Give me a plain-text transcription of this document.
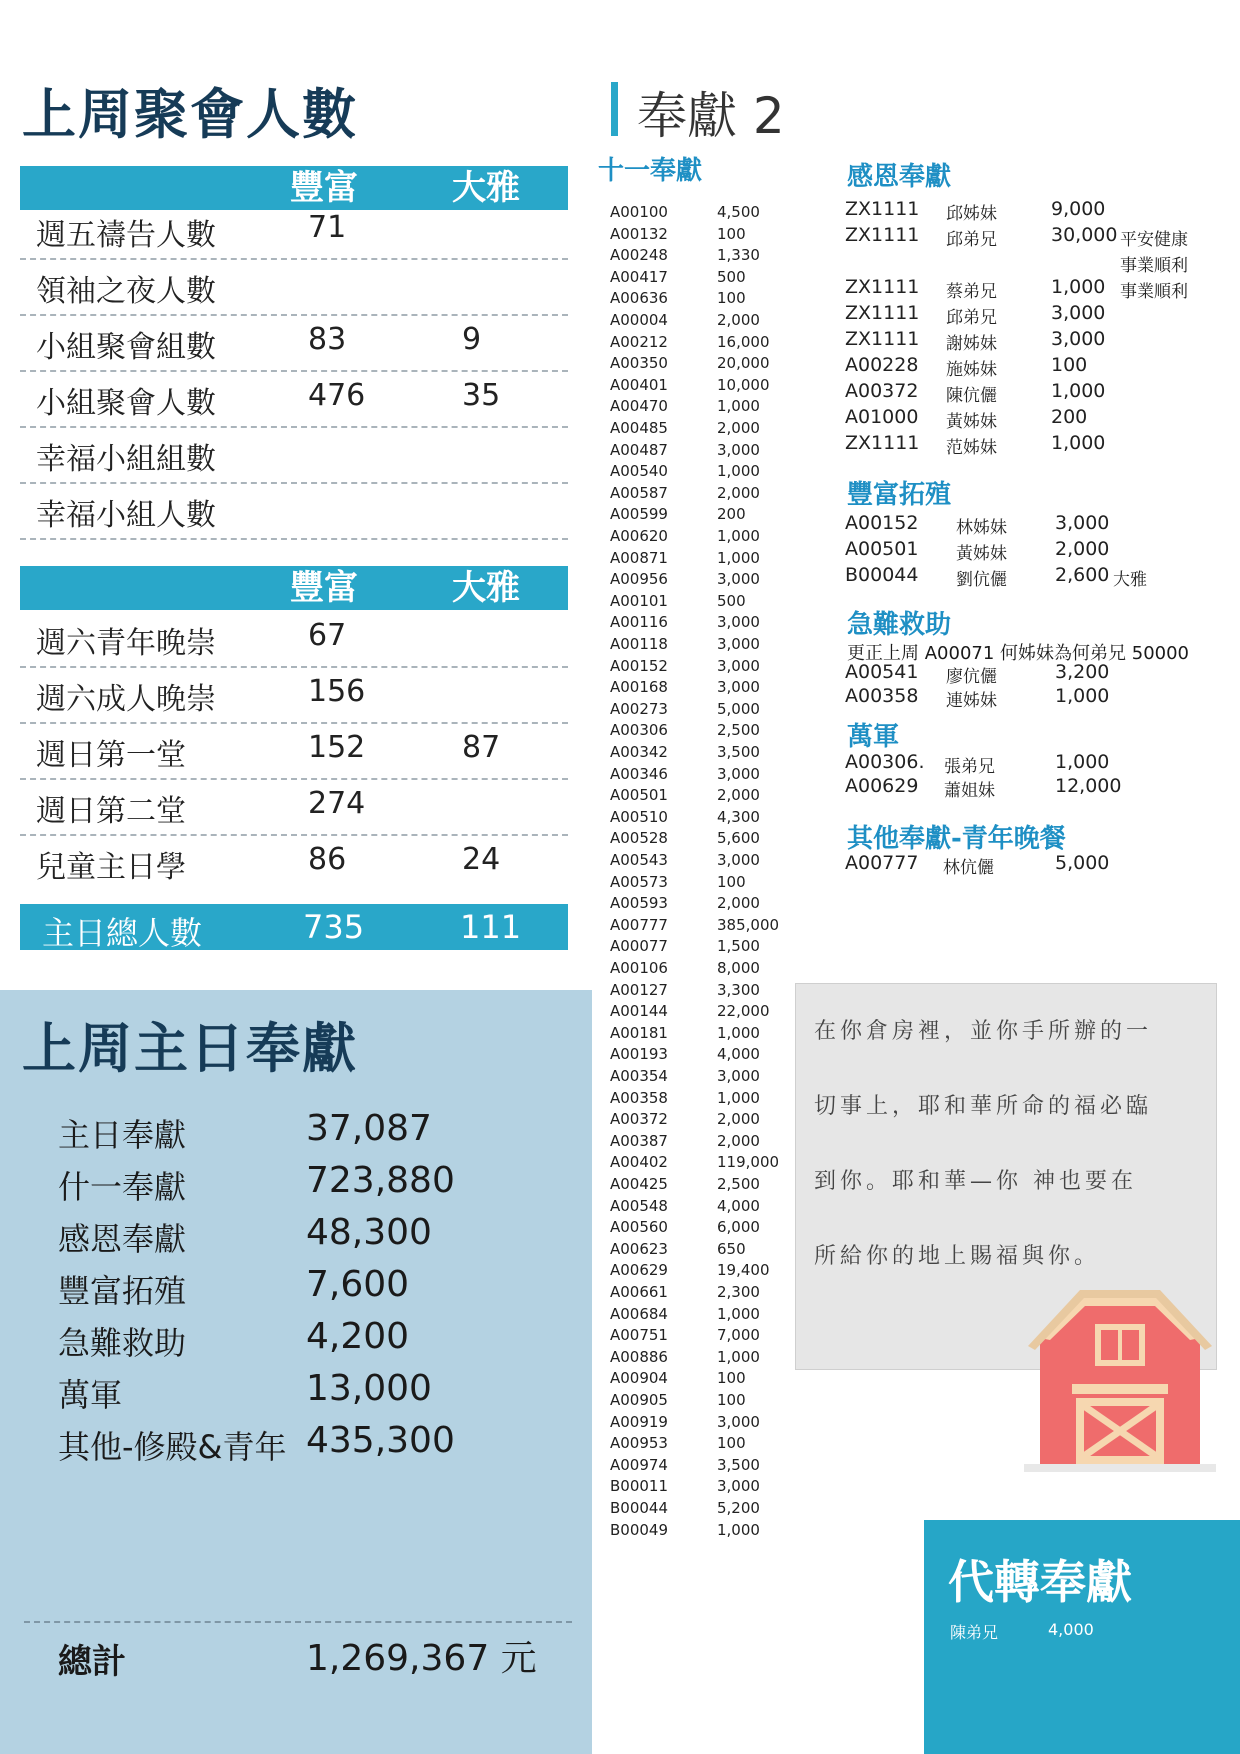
上周聚會人數
豐富	大雅
週五禱告人數	71
領袖之夜人數
小組聚會組數	83	9
小組聚會人數	476	35
幸福小組組數
幸福小組人數
豐富	大雅
週六青年晚崇	67
週六成人晚崇	156
週日第一堂	152	87
週日第二堂	274
兒童主日學	86	24
主日總人數	735	111
上周主日奉獻
主日奉獻	37,087
什一奉獻	723,880
感恩奉獻	48,300
豐富拓殖	7,600
急難救助	4,200
萬軍	13,000
其他-修殿&青年 435,300
總計	1,269,367 元
奉獻 2
十一奉獻
A00100	4,500
A00132	100
A00248	1,330
A00417	500
A00636	100
A00004	2,000
A00212	16,000
A00350	20,000
A00401	10,000
A00470	1,000
A00485	2,000
A00487	3,000
A00540	1,000
A00587	2,000
A00599	200
A00620	1,000
A00871	1,000
A00956	3,000
A00101	500
A00116	3,000
A00118	3,000
A00152	3,000
A00168	3,000
A00273	5,000
A00306	2,500
A00342	3,500
A00346	3,000
A00501	2,000
A00510	4,300
A00528	5,600
A00543	3,000
A00573	100
A00593	2,000
A00777	385,000
A00077	1,500
A00106	8,000
A00127	3,300
A00144	22,000
A00181	1,000
A00193	4,000
A00354	3,000
A00358	1,000
A00372	2,000
A00387	2,000
A00402	119,000
A00425	2,500
A00548	4,000
A00560	6,000
A00623	650
A00629	19,400
A00661	2,300
A00684	1,000
A00751	7,000
A00886	1,000
A00904	100
A00905	100
A00919	3,000
A00953	100
A00974	3,500
B00011	3,000
B00044	5,200
B00049	1,000
感恩奉獻
ZX1111 邱姊妹	9,000
ZX1111 邱弟兄	30,000 平安健康
事業順利
ZX1111 蔡弟兄	1,000 事業順利
ZX1111 邱弟兄	3,000
ZX1111 謝姊妹	3,000
A00228 施姊妹	100
A00372 陳伉儷	1,000
A01000 黃姊妹	200
ZX1111 范姊妹	1,000
豐富拓殖
A00152 林姊妹	3,000
A00501 黃姊妹	2,000
B00044 劉伉儷	2,600 大雅
急難救助
更正上周 A00071 何姊妹為何弟兄 50000
A00541 廖伉儷	3,200
A00358 連姊妹	1,000
萬軍
A00306. 張弟兄	1,000
A00629 蕭姐妹	12,000
其他奉獻-青年晚餐
A00777 林伉儷	5,000
在你倉房裡，並你手所辦的一
切事上，耶和華所命的福必臨
到你。耶和華—你 神也要在
所給你的地上賜福與你。
代轉奉獻
陳弟兄	4,000
